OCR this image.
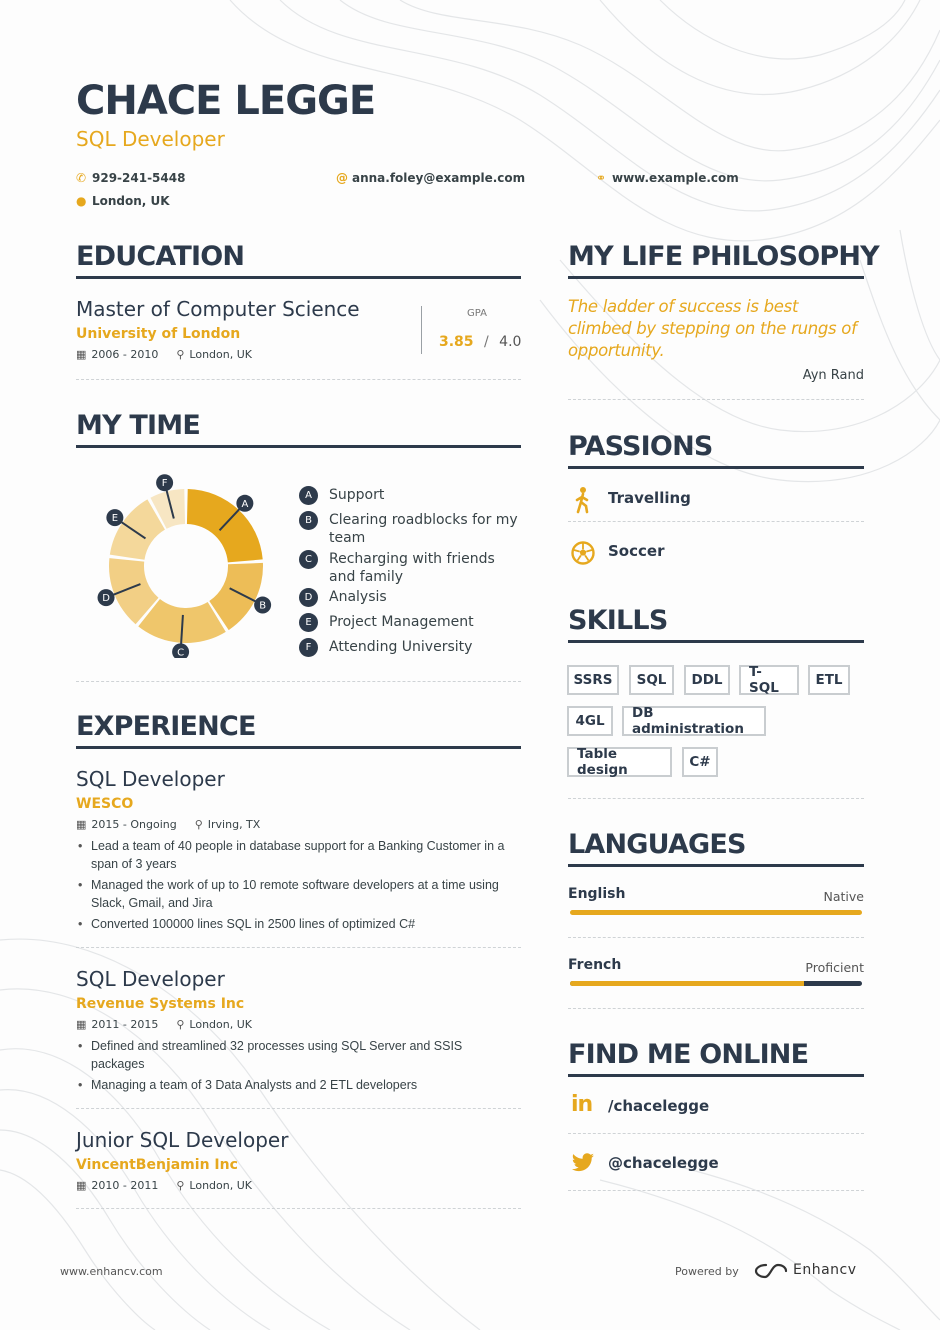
CHACE LEGGE
SQL Developer
✆ 929-241-5448	@ anna.foley@example.com	⚭ www.example.com
● London, UK
EDUCATION
Master of Computer Science
University of London
▦ 2006 - 2010 ⚲ London, UK
GPA
3.85 / 4.0
MY TIME
A
B
C
D
E
F
A	Support
B	Clearing roadblocks for my team
C	Recharging with friends and family
D	Analysis
E	Project Management
F	Attending University
EXPERIENCE
SQL Developer
WESCO
▦ 2015 - Ongoing ⚲ Irving, TX
• Lead a team of 40 people in database support for a Banking Customer in a span of 3 years
• Managed the work of up to 10 remote software developers at a time using Slack, Gmail, and Jira
• Converted 100000 lines SQL in 2500 lines of optimized C#
SQL Developer
Revenue Systems Inc
▦ 2011 - 2015 ⚲ London, UK
• Defined and streamlined 32 processes using SQL Server and SSIS packages
• Managing a team of 3 Data Analysts and 2 ETL developers
Junior SQL Developer
VincentBenjamin Inc
▦ 2010 - 2011 ⚲ London, UK
MY LIFE PHILOSOPHY
The ladder of success is best climbed by stepping on the rungs of opportunity.
Ayn Rand
PASSIONS
Travelling
Soccer
SKILLS
SSRS	SQL	DDL	T-SQL	ETL
4GL	DB administration
Table design	C#
LANGUAGES
English	Native
French	Proficient
FIND ME ONLINE
in /chacelegge
@chacelegge
www.enhancv.com	Powered by	Enhancv
